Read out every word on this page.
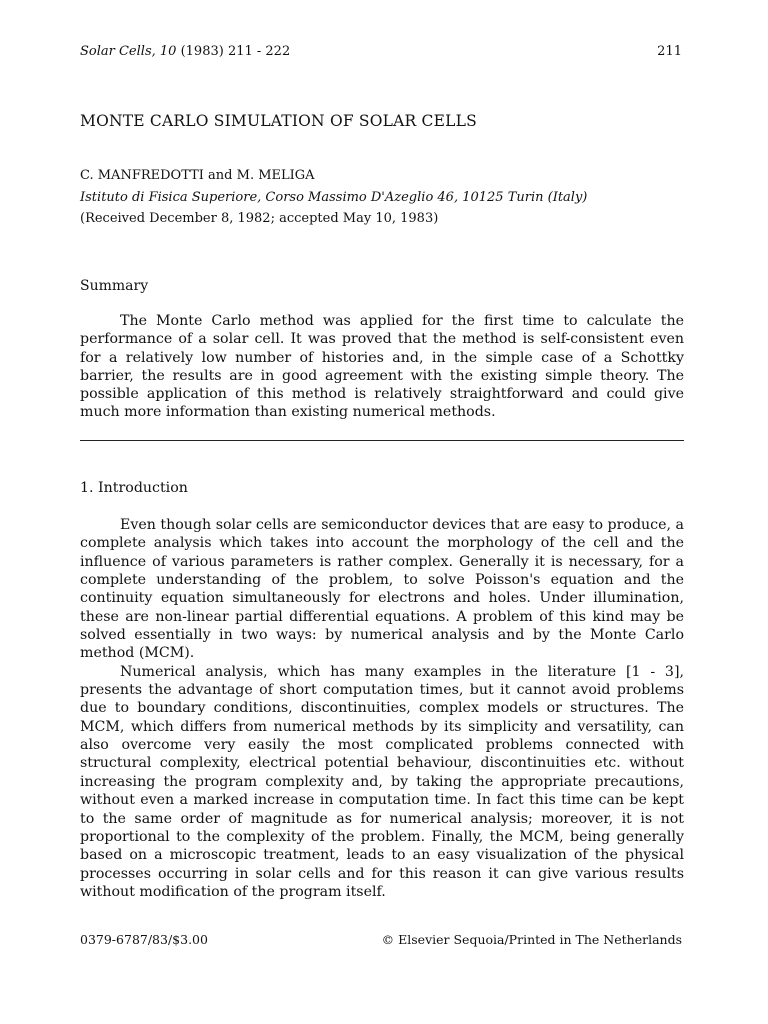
Solar Cells, 10 (1983) 211 - 222	211
MONTE CARLO SIMULATION OF SOLAR CELLS
C. MANFREDOTTI and M. MELIGA
Istituto di Fisica Superiore, Corso Massimo D'Azeglio 46, 10125 Turin (Italy)
(Received December 8, 1982; accepted May 10, 1983)
Summary

The Monte Carlo method was applied for the first time to calculate the performance of a solar cell. It was proved that the method is self-consistent even for a relatively low number of histories and, in the simple case of a Schottky barrier, the results are in good agreement with the existing simple theory. The possible application of this method is relatively straightforward and could give much more information than existing numerical methods.

1. Introduction

Even though solar cells are semiconductor devices that are easy to produce, a complete analysis which takes into account the morphology of the cell and the influence of various parameters is rather complex. Generally it is necessary, for a complete understanding of the problem, to solve Poisson's equation and the continuity equation simultaneously for electrons and holes. Under illumination, these are non-linear partial differential equations. A problem of this kind may be solved essentially in two ways: by numerical analysis and by the Monte Carlo method (MCM).

Numerical analysis, which has many examples in the literature [1 - 3], presents the advantage of short computation times, but it cannot avoid problems due to boundary conditions, discontinuities, complex models or structures. The MCM, which differs from numerical methods by its simplicity and versatility, can also overcome very easily the most complicated problems connected with structural complexity, electrical potential behaviour, discontinuities etc. without increasing the program complexity and, by taking the appropriate precautions, without even a marked increase in computation time. In fact this time can be kept to the same order of magnitude as for numerical analysis; moreover, it is not proportional to the complexity of the problem. Finally, the MCM, being generally based on a microscopic treatment, leads to an easy visualization of the physical processes occurring in solar cells and for this reason it can give various results without modification of the program itself.

0379-6787/83/$3.00	© Elsevier Sequoia/Printed in The Netherlands
